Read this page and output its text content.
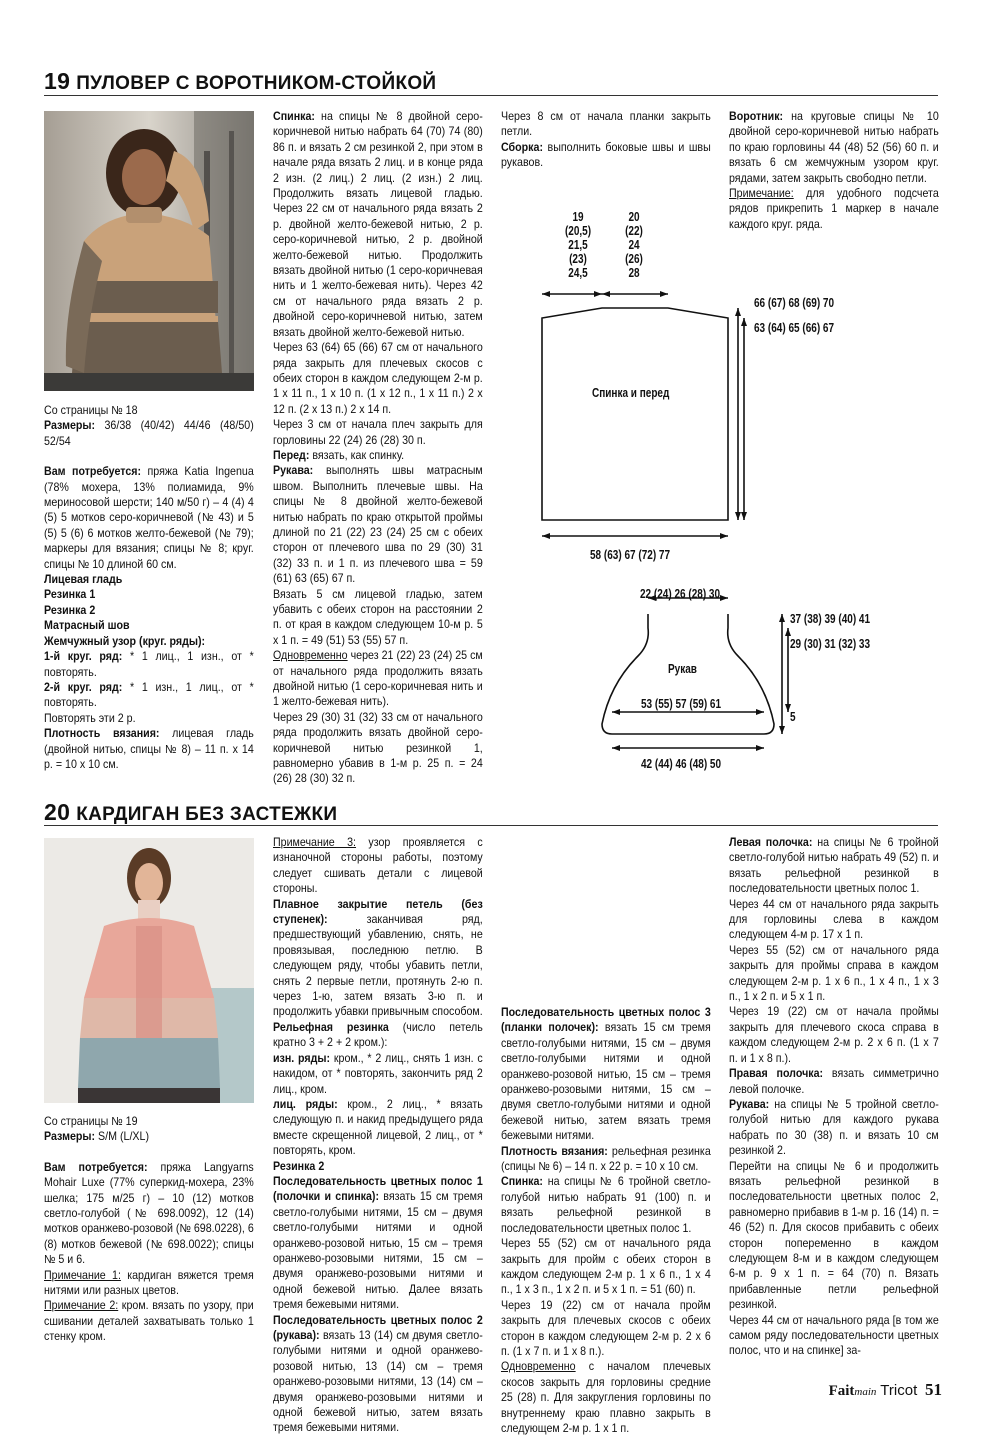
19 ПУЛОВЕР С ВОРОТНИКОМ-СТОЙКОЙ

Со страницы № 18

Размеры: 36/38 (40/42) 44/46 (48/50) 52/54

Вам потребуется: пряжа Katia Ingenua (78% мохера, 13% полиамида, 9% мериносовой шерсти; 140 м/50 г) – 4 (4) 4 (5) 5 мотков серо-коричневой (№ 43) и 5 (5) 5 (6) 6 мотков желто-бежевой (№ 79); маркеры для вязания; спицы № 8; круг. спицы № 10 длиной 60 см.

Лицевая гладь

Резинка 1

Резинка 2

Матрасный шов

Жемчужный узор (круг. ряды):

1-й круг. ряд: * 1 лиц., 1 изн., от * повторять.

2-й круг. ряд: * 1 изн., 1 лиц., от * повторять.

Повторять эти 2 р.

Плотность вязания: лицевая гладь (двойной нитью, спицы № 8) – 11 п. х 14 р. = 10 х 10 см.

Спинка: на спицы № 8 двойной серо-коричневой нитью набрать 64 (70) 74 (80) 86 п. и вязать 2 см резинкой 2, при этом в начале ряда вязать 2 лиц. и в конце ряда 2 изн. (2 лиц.) 2 лиц. (2 изн.) 2 лиц. Продолжить вязать лицевой гладью. Через 22 см от начального ряда вязать 2 р. двойной желто-бежевой нитью, 2 р. серо-коричневой нитью, 2 р. двойной желто-бежевой нитью. Продолжить вязать двойной нитью (1 серо-коричневая нить и 1 желто-бежевая нить). Через 42 см от начального ряда вязать 2 р. двойной серо-коричневой нитью, затем вязать двойной желто-бежевой нитью.

Через 63 (64) 65 (66) 67 см от начального ряда закрыть для плечевых скосов с обеих сторон в каждом следующем 2-м р. 1 х 11 п., 1 х 10 п. (1 х 12 п., 1 х 11 п.) 2 х 12 п. (2 х 13 п.) 2 х 14 п.

Через 3 см от начала плеч закрыть для горловины 22 (24) 26 (28) 30 п.

Перед: вязать, как спинку.

Рукава: выполнять швы матрасным швом. Выполнить плечевые швы. На спицы № 8 двойной желто-бежевой нитью набрать по краю открытой проймы длиной по 21 (22) 23 (24) 25 см с обеих сторон от плечевого шва по 29 (30) 31 (32) 33 п. и 1 п. из плечевого шва = 59 (61) 63 (65) 67 п.

Вязать 5 см лицевой гладью, затем убавить с обеих сторон на расстоянии 2 п. от края в каждом следующем 10-м р. 5 х 1 п. = 49 (51) 53 (55) 57 п.

Одновременно через 21 (22) 23 (24) 25 см от начального ряда продолжить вязать двойной нитью (1 серо-коричневая нить и 1 желто-бежевая нить).

Через 29 (30) 31 (32) 33 см от начального ряда продолжить вязать двойной серо-коричневой нитью резинкой 1, равномерно убавив в 1-м р. 25 п. = 24 (26) 28 (30) 32 п.

Через 8 см от начала планки закрыть петли.

Сборка: выполнить боковые швы и швы рукавов.

Воротник: на круговые спицы № 10 двойной серо-коричневой нитью набрать по краю горловины 44 (48) 52 (56) 60 п. и вязать 6 см жемчужным узором круг. рядами, затем закрыть свободно петли.

Примечание: для удобного подсчета рядов прикрепить 1 маркер в начале каждого круг. ряда.

19
(20,5)
21,5
(23)
24,5
20
(22)
24
(26)
28
66 (67) 68 (69) 70
63 (64) 65 (66) 67
Спинка и перед
58 (63) 67 (72) 77
22 (24) 26 (28) 30
37 (38) 39 (40) 41
29 (30) 31 (32) 33
Рукав
53 (55) 57 (59) 61
5
42 (44) 46 (48) 50
20 КАРДИГАН БЕЗ ЗАСТЕЖКИ

Со страницы № 19

Размеры: S/M (L/XL)

Вам потребуется: пряжа Langyarns Mohair Luxe (77% суперкид-мохера, 23% шелка; 175 м/25 г) – 10 (12) мотков светло-голубой (№ 698.0092), 12 (14) мотков оранжево-розовой (№ 698.0228), 6 (8) мотков бежевой (№ 698.0022); спицы № 5 и 6.

Примечание 1: кардиган вяжется тремя нитями или разных цветов.

Примечание 2: кром. вязать по узору, при сшивании деталей захватывать только 1 стенку кром.

Примечание 3: узор проявляется с изнаночной стороны работы, поэтому следует сшивать детали с лицевой стороны.

Плавное закрытие петель (без ступенек): заканчивая ряд, предшествующий убавлению, снять, не провязывая, последнюю петлю. В следующем ряду, чтобы убавить петли, снять 2 первые петли, протянуть 2-ю п. через 1-ю, затем вязать 3-ю п. и продолжить убавки привычным способом.

Рельефная резинка (число петель кратно 3 + 2 + 2 кром.):

изн. ряды: кром., * 2 лиц., снять 1 изн. с накидом, от * повторять, закончить ряд 2 лиц., кром.

лиц. ряды: кром., 2 лиц., * вязать следующую п. и накид предыдущего ряда вместе скрещенной лицевой, 2 лиц., от * повторять, кром.

Резинка 2

Последовательность цветных полос 1 (полочки и спинка): вязать 15 см тремя светло-голубыми нитями, 15 см – двумя светло-голубыми нитями и одной оранжево-розовой нитью, 15 см – тремя оранжево-розовыми нитями, 15 см – двумя оранжево-розовыми нитями и одной бежевой нитью. Далее вязать тремя бежевыми нитями.

Последовательность цветных полос 2 (рукава): вязать 13 (14) см двумя светло-голубыми нитями и одной оранжево-розовой нитью, 13 (14) см – тремя оранжево-розовыми нитями, 13 (14) см – двумя оранжево-розовыми нитями и одной бежевой нитью, затем вязать тремя бежевыми нитями.

Последовательность цветных полос 3 (планки полочек): вязать 15 см тремя светло-голубыми нитями, 15 см – двумя светло-голубыми нитями и одной оранжево-розовой нитью, 15 см – тремя оранжево-розовыми нитями, 15 см – двумя светло-голубыми нитями и одной бежевой нитью, затем вязать тремя бежевыми нитями.

Плотность вязания: рельефная резинка (спицы № 6) – 14 п. х 22 р. = 10 х 10 см.

Спинка: на спицы № 6 тройной светло-голубой нитью набрать 91 (100) п. и вязать рельефной резинкой в последовательности цветных полос 1.

Через 55 (52) см от начального ряда закрыть для пройм с обеих сторон в каждом следующем 2-м р. 1 х 6 п., 1 х 4 п., 1 х 3 п., 1 х 2 п. и 5 х 1 п. = 51 (60) п.

Через 19 (22) см от начала пройм закрыть для плечевых скосов с обеих сторон в каждом следующем 2-м р. 2 х 6 п. (1 х 7 п. и 1 х 8 п.).

Одновременно с началом плечевых скосов закрыть для горловины средние 25 (28) п. Для закругления горловины по внутреннему краю плавно закрыть в следующем 2-м р. 1 х 1 п.

Левая полочка: на спицы № 6 тройной светло-голубой нитью набрать 49 (52) п. и вязать рельефной резинкой в последовательности цветных полос 1.

Через 44 см от начального ряда закрыть для горловины слева в каждом следующем 4-м р. 17 х 1 п.

Через 55 (52) см от начального ряда закрыть для проймы справа в каждом следующем 2-м р. 1 х 6 п., 1 х 4 п., 1 х 3 п., 1 х 2 п. и 5 х 1 п.

Через 19 (22) см от начала проймы закрыть для плечевого скоса справа в каждом следующем 2-м р. 2 х 6 п. (1 х 7 п. и 1 х 8 п.).

Правая полочка: вязать симметрично левой полочке.

Рукава: на спицы № 5 тройной светло-голубой нитью для каждого рукава набрать по 30 (38) п. и вязать 10 см резинкой 2.

Перейти на спицы № 6 и продолжить вязать рельефной резинкой в последовательности цветных полос 2, равномерно прибавив в 1-м р. 16 (14) п. = 46 (52) п. Для скосов прибавить с обеих сторон попеременно в каждом следующем 8-м и в каждом следующем 6-м р. 9 х 1 п. = 64 (70) п. Вязать прибавленные петли рельефной резинкой.

Через 44 см от начального ряда [в том же самом ряду последовательности цветных полос, что и на спинке] за-

Faitmain Tricot 51
